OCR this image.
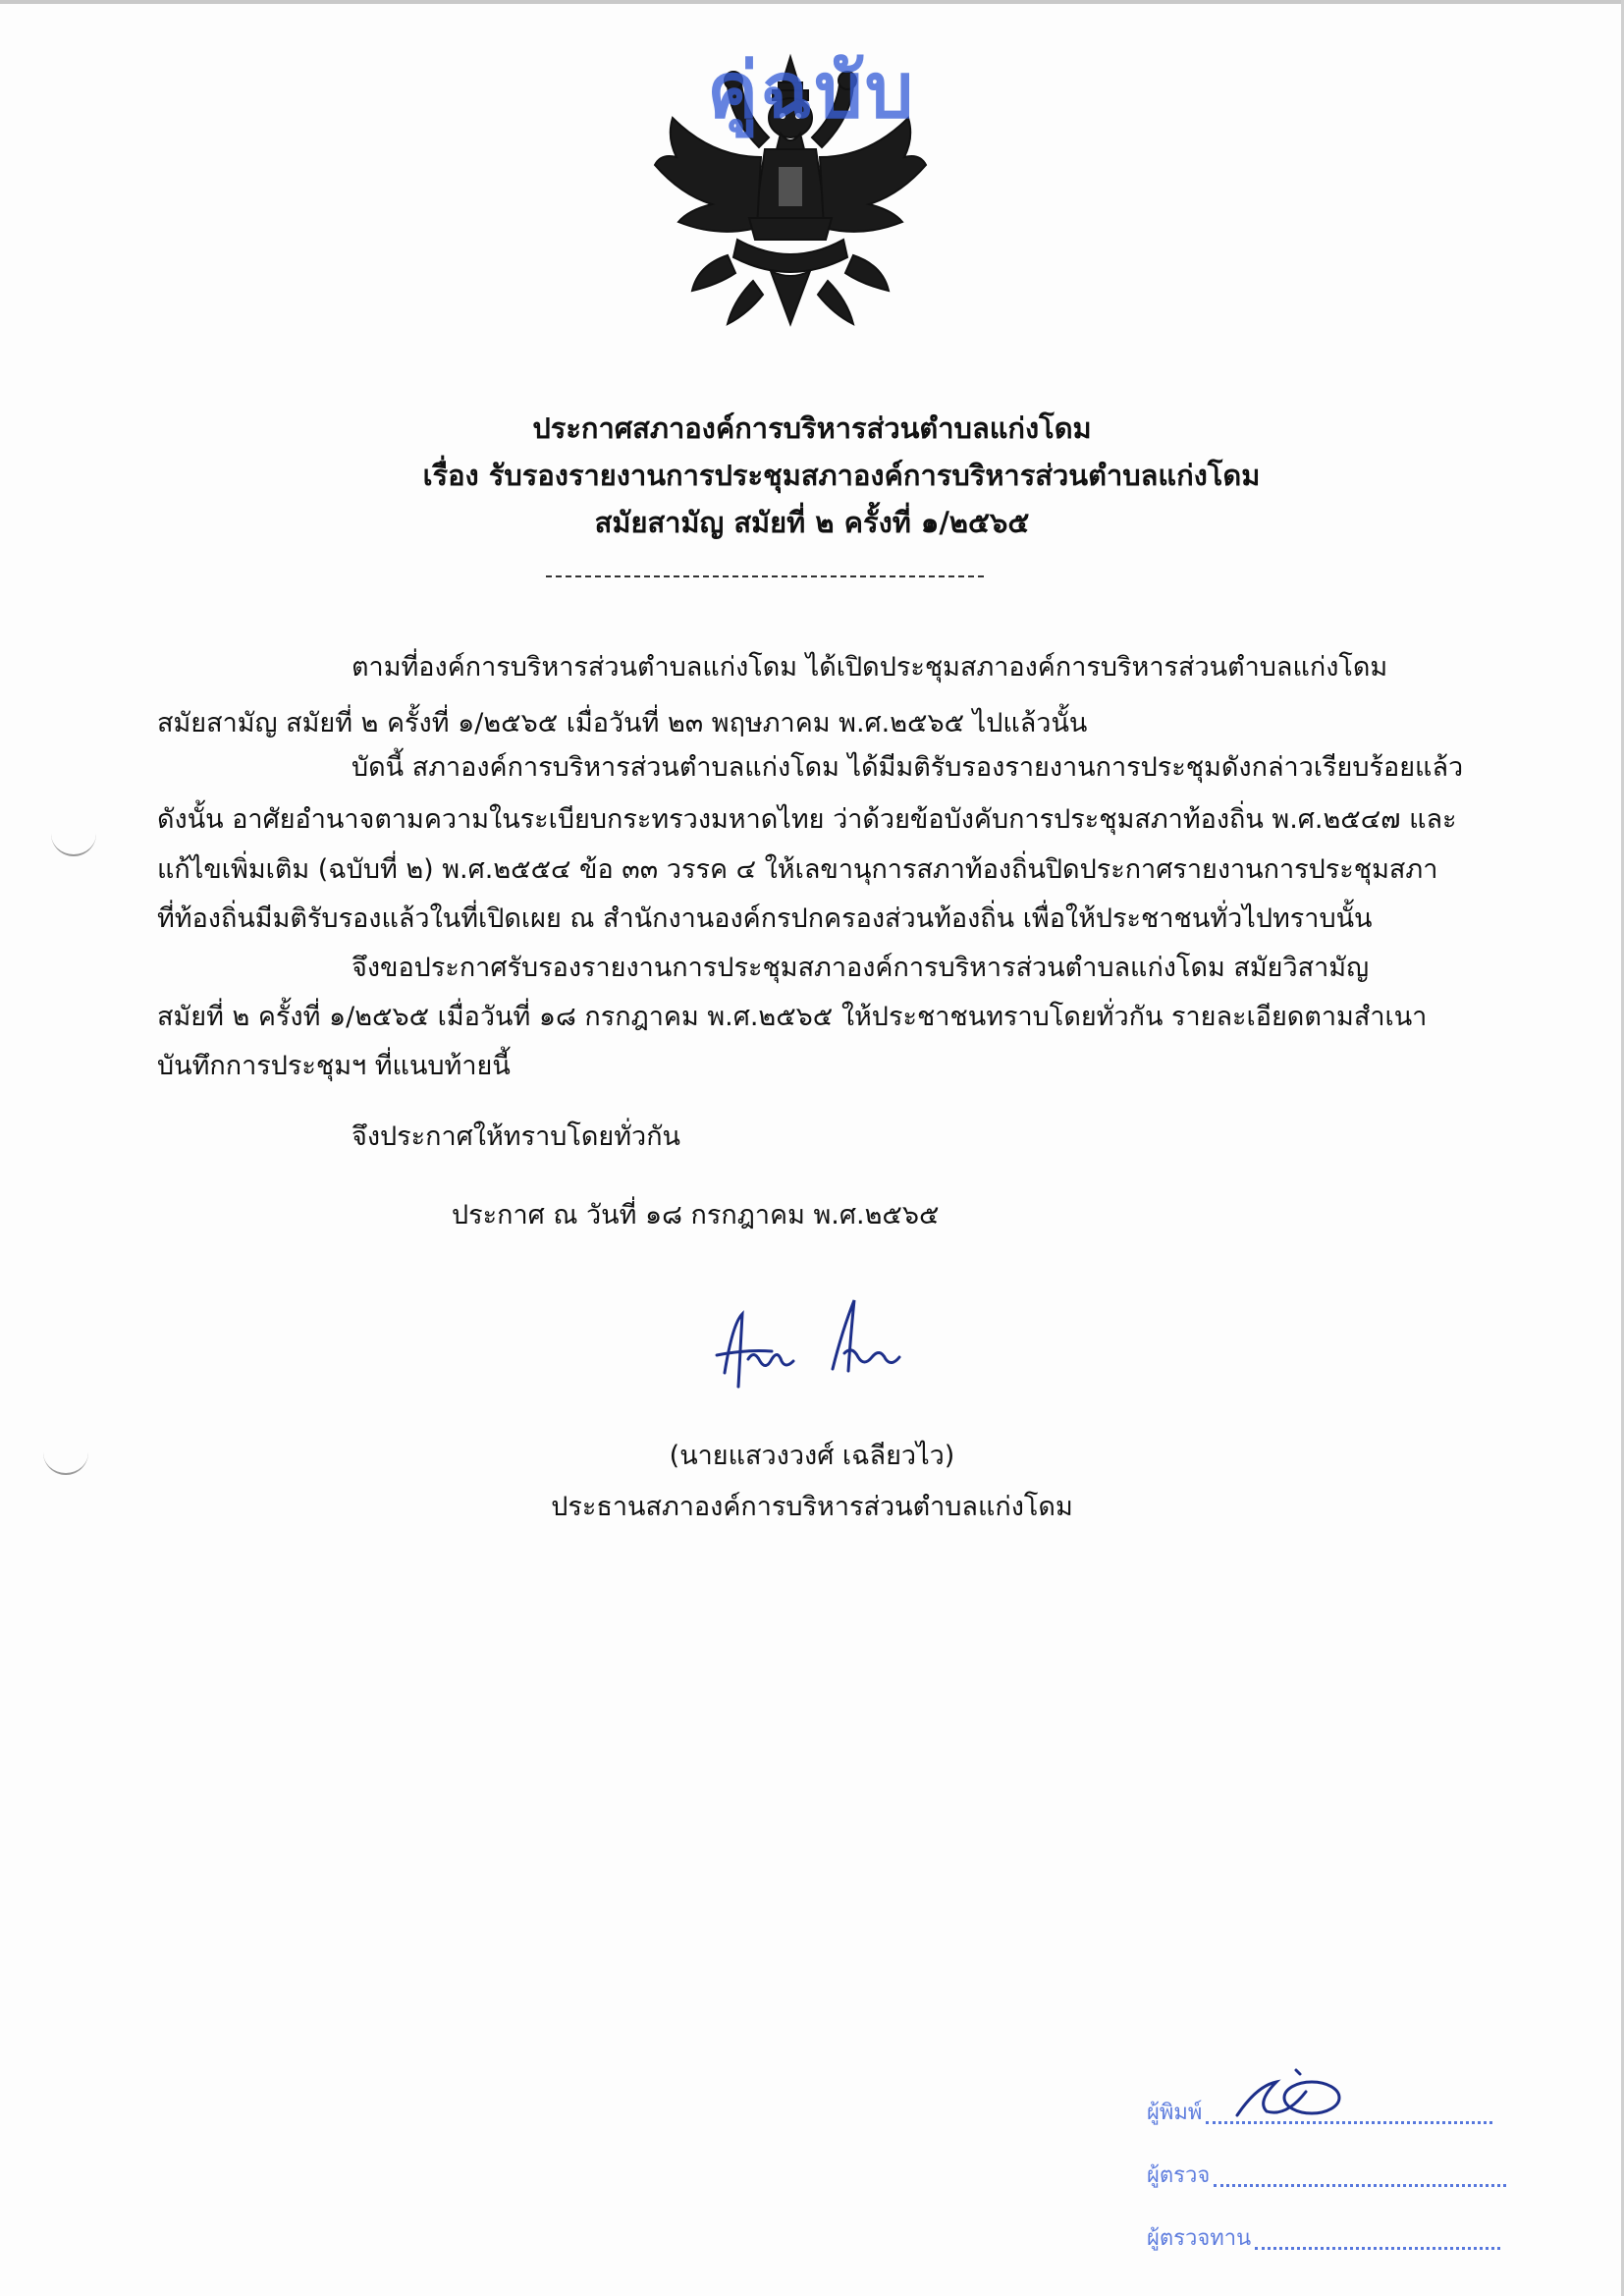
คู่ฉบับ
ประกาศสภาองค์การบริหารส่วนตำบลแก่งโดม
เรื่อง รับรองรายงานการประชุมสภาองค์การบริหารส่วนตำบลแก่งโดม
สมัยสามัญ สมัยที่ ๒ ครั้งที่ ๑/๒๕๖๕
ตามที่องค์การบริหารส่วนตำบลแก่งโดม ได้เปิดประชุมสภาองค์การบริหารส่วนตำบลแก่งโดม
สมัยสามัญ สมัยที่ ๒ ครั้งที่ ๑/๒๕๖๕ เมื่อวันที่ ๒๓ พฤษภาคม พ.ศ.๒๕๖๕ ไปแล้วนั้น
บัดนี้ สภาองค์การบริหารส่วนตำบลแก่งโดม ได้มีมติรับรองรายงานการประชุมดังกล่าวเรียบร้อยแล้ว
ดังนั้น อาศัยอำนาจตามความในระเบียบกระทรวงมหาดไทย ว่าด้วยข้อบังคับการประชุมสภาท้องถิ่น พ.ศ.๒๕๔๗ และ
แก้ไขเพิ่มเติม (ฉบับที่ ๒) พ.ศ.๒๕๕๔ ข้อ ๓๓ วรรค ๔ ให้เลขานุการสภาท้องถิ่นปิดประกาศรายงานการประชุมสภา
ที่ท้องถิ่นมีมติรับรองแล้วในที่เปิดเผย ณ สำนักงานองค์กรปกครองส่วนท้องถิ่น เพื่อให้ประชาชนทั่วไปทราบนั้น
จึงขอประกาศรับรองรายงานการประชุมสภาองค์การบริหารส่วนตำบลแก่งโดม สมัยวิสามัญ
สมัยที่ ๒ ครั้งที่ ๑/๒๕๖๕ เมื่อวันที่ ๑๘ กรกฎาคม พ.ศ.๒๕๖๕ ให้ประชาชนทราบโดยทั่วกัน รายละเอียดตามสำเนา
บันทึกการประชุมฯ ที่แนบท้ายนี้
จึงประกาศให้ทราบโดยทั่วกัน
ประกาศ ณ วันที่ ๑๘ กรกฎาคม พ.ศ.๒๕๖๕
(นายแสวงวงศ์ เฉลียวไว)
ประธานสภาองค์การบริหารส่วนตำบลแก่งโดม
ผู้พิมพ์
ผู้ตรวจ
ผู้ตรวจทาน
